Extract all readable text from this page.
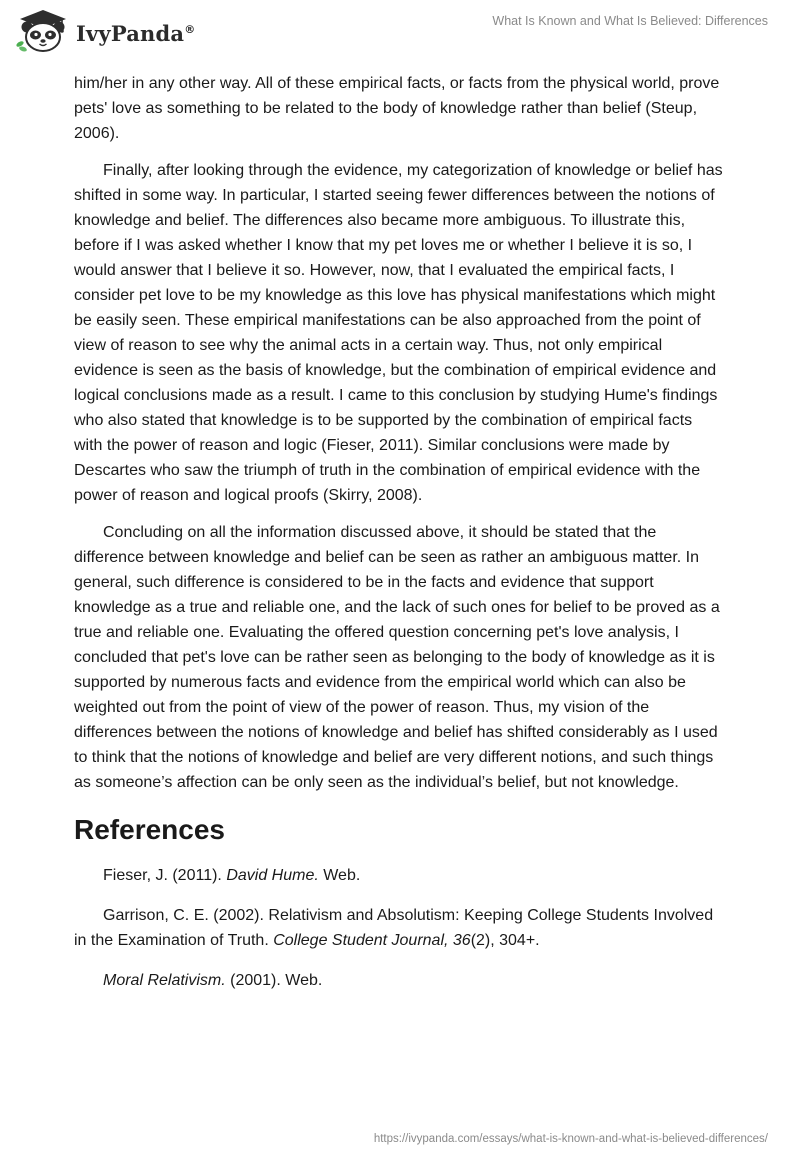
IvyPanda®
What Is Known and What Is Believed: Differences

him/her in any other way. All of these empirical facts, or facts from the physical world, prove pets' love as something to be related to the body of knowledge rather than belief (Steup, 2006).

Finally, after looking through the evidence, my categorization of knowledge or belief has shifted in some way. In particular, I started seeing fewer differences between the notions of knowledge and belief. The differences also became more ambiguous. To illustrate this, before if I was asked whether I know that my pet loves me or whether I believe it is so, I would answer that I believe it so. However, now, that I evaluated the empirical facts, I consider pet love to be my knowledge as this love has physical manifestations which might be easily seen. These empirical manifestations can be also approached from the point of view of reason to see why the animal acts in a certain way. Thus, not only empirical evidence is seen as the basis of knowledge, but the combination of empirical evidence and logical conclusions made as a result. I came to this conclusion by studying Hume's findings who also stated that knowledge is to be supported by the combination of empirical facts with the power of reason and logic (Fieser, 2011). Similar conclusions were made by Descartes who saw the triumph of truth in the combination of empirical evidence with the power of reason and logical proofs (Skirry, 2008).

Concluding on all the information discussed above, it should be stated that the difference between knowledge and belief can be seen as rather an ambiguous matter. In general, such difference is considered to be in the facts and evidence that support knowledge as a true and reliable one, and the lack of such ones for belief to be proved as a true and reliable one. Evaluating the offered question concerning pet's love analysis, I concluded that pet's love can be rather seen as belonging to the body of knowledge as it is supported by numerous facts and evidence from the empirical world which can also be weighted out from the point of view of the power of reason. Thus, my vision of the differences between the notions of knowledge and belief has shifted considerably as I used to think that the notions of knowledge and belief are very different notions, and such things as someone’s affection can be only seen as the individual’s belief, but not knowledge.

References

Fieser, J. (2011). David Hume. Web.

Garrison, C. E. (2002). Relativism and Absolutism: Keeping College Students Involved in the Examination of Truth. College Student Journal, 36(2), 304+.

Moral Relativism. (2001). Web.

https://ivypanda.com/essays/what-is-known-and-what-is-believed-differences/
